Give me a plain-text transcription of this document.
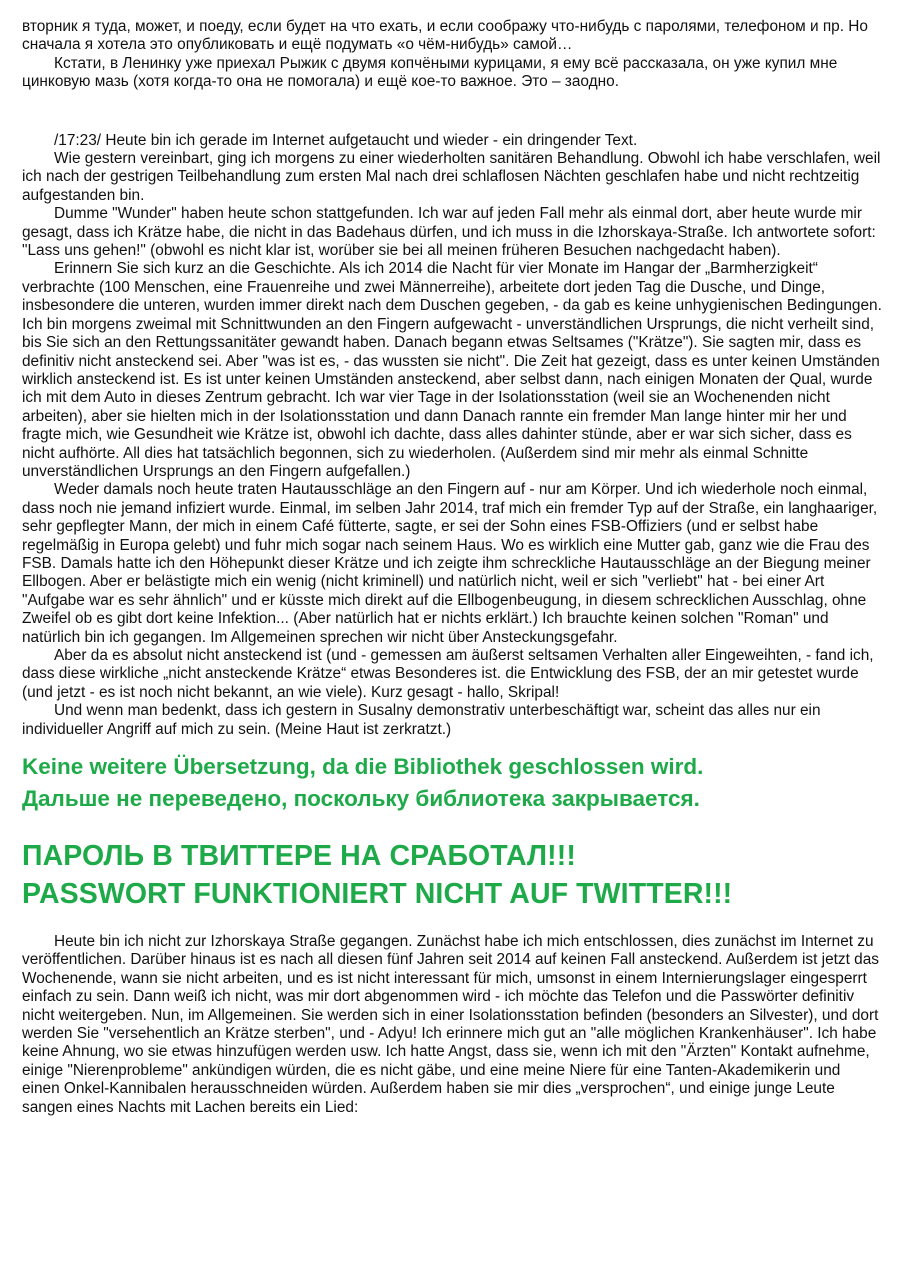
вторник я туда, может, и поеду, если будет на что ехать, и если соображу что-нибудь с паролями, телефоном и пр. Но сначала я хотела это опубликовать и ещё подумать «о чём-нибудь» самой…

Кстати, в Ленинку уже приехал Рыжик с двумя копчёными курицами, я ему всё рассказала, он уже купил мне цинковую мазь (хотя когда-то она не помогала) и ещё кое-то важное. Это – заодно.

/17:23/ Heute bin ich gerade im Internet aufgetaucht und wieder - ein dringender Text.

Wie gestern vereinbart, ging ich morgens zu einer wiederholten sanitären Behandlung. Obwohl ich habe verschlafen, weil ich nach der gestrigen Teilbehandlung zum ersten Mal nach drei schlaflosen Nächten geschlafen habe und nicht rechtzeitig aufgestanden bin.

Dumme "Wunder" haben heute schon stattgefunden. Ich war auf jeden Fall mehr als einmal dort, aber heute wurde mir gesagt, dass ich Krätze habe, die nicht in das Badehaus dürfen, und ich muss in die Izhorskaya-Straße. Ich antwortete sofort: "Lass uns gehen!" (obwohl es nicht klar ist, worüber sie bei all meinen früheren Besuchen nachgedacht haben).

Erinnern Sie sich kurz an die Geschichte. Als ich 2014 die Nacht für vier Monate im Hangar der „Barmherzigkeit“ verbrachte (100 Menschen, eine Frauenreihe und zwei Männerreihe), arbeitete dort jeden Tag die Dusche, und Dinge, insbesondere die unteren, wurden immer direkt nach dem Duschen gegeben, - da gab es keine unhygienischen Bedingungen. Ich bin morgens zweimal mit Schnittwunden an den Fingern aufgewacht - unverständlichen Ursprungs, die nicht verheilt sind, bis Sie sich an den Rettungssanitäter gewandt haben. Danach begann etwas Seltsames ("Krätze"). Sie sagten mir, dass es definitiv nicht ansteckend sei. Aber "was ist es, - das wussten sie nicht". Die Zeit hat gezeigt, dass es unter keinen Umständen wirklich ansteckend ist. Es ist unter keinen Umständen ansteckend, aber selbst dann, nach einigen Monaten der Qual, wurde ich mit dem Auto in dieses Zentrum gebracht. Ich war vier Tage in der Isolationsstation (weil sie an Wochenenden nicht arbeiten), aber sie hielten mich in der Isolationsstation und dann Danach rannte ein fremder Man lange hinter mir her und fragte mich, wie Gesundheit wie Krätze ist, obwohl ich dachte, dass alles dahinter stünde, aber er war sich sicher, dass es nicht aufhörte. All dies hat tatsächlich begonnen, sich zu wiederholen. (Außerdem sind mir mehr als einmal Schnitte unverständlichen Ursprungs an den Fingern aufgefallen.)

Weder damals noch heute traten Hautausschläge an den Fingern auf - nur am Körper. Und ich wiederhole noch einmal, dass noch nie jemand infiziert wurde. Einmal, im selben Jahr 2014, traf mich ein fremder Typ auf der Straße, ein langhaariger, sehr gepflegter Mann, der mich in einem Café fütterte, sagte, er sei der Sohn eines FSB-Offiziers (und er selbst habe regelmäßig in Europa gelebt) und fuhr mich sogar nach seinem Haus. Wo es wirklich eine Mutter gab, ganz wie die Frau des FSB. Damals hatte ich den Höhepunkt dieser Krätze und ich zeigte ihm schreckliche Hautausschläge an der Biegung meiner Ellbogen. Aber er belästigte mich ein wenig (nicht kriminell) und natürlich nicht, weil er sich "verliebt" hat - bei einer Art "Aufgabe war es sehr ähnlich" und er küsste mich direkt auf die Ellbogenbeugung, in diesem schrecklichen Ausschlag, ohne Zweifel ob es gibt dort keine Infektion... (Aber natürlich hat er nichts erklärt.) Ich brauchte keinen solchen "Roman" und natürlich bin ich gegangen. Im Allgemeinen sprechen wir nicht über Ansteckungsgefahr.

Aber da es absolut nicht ansteckend ist (und - gemessen am äußerst seltsamen Verhalten aller Eingeweihten, - fand ich, dass diese wirkliche „nicht ansteckende Krätze“ etwas Besonderes ist. die Entwicklung des FSB, der an mir getestet wurde (und jetzt - es ist noch nicht bekannt, an wie viele). Kurz gesagt - hallo, Skripal!

Und wenn man bedenkt, dass ich gestern in Susalny demonstrativ unterbeschäftigt war, scheint das alles nur ein individueller Angriff auf mich zu sein. (Meine Haut ist zerkratzt.)

Keine weitere Übersetzung, da die Bibliothek geschlossen wird.

Дальше не переведено, поскольку библиотека закрывается.

ПАРОЛЬ В ТВИТТЕРЕ НА СРАБОТАЛ!!!

PASSWORT FUNKTIONIERT NICHT AUF TWITTER!!!

Heute bin ich nicht zur Izhorskaya Straße gegangen. Zunächst habe ich mich entschlossen, dies zunächst im Internet zu veröffentlichen. Darüber hinaus ist es nach all diesen fünf Jahren seit 2014 auf keinen Fall ansteckend. Außerdem ist jetzt das Wochenende, wann sie nicht arbeiten, und es ist nicht interessant für mich, umsonst in einem Internierungslager eingesperrt einfach zu sein. Dann weiß ich nicht, was mir dort abgenommen wird - ich möchte das Telefon und die Passwörter definitiv nicht weitergeben. Nun, im Allgemeinen. Sie werden sich in einer Isolationsstation befinden (besonders an Silvester), und dort werden Sie "versehentlich an Krätze sterben", und - Adyu! Ich erinnere mich gut an "alle möglichen Krankenhäuser". Ich habe keine Ahnung, wo sie etwas hinzufügen werden usw. Ich hatte Angst, dass sie, wenn ich mit den "Ärzten" Kontakt aufnehme, einige "Nierenprobleme" ankündigen würden, die es nicht gäbe, und eine meine Niere für eine Tanten-Akademikerin und einen Onkel-Kannibalen herausschneiden würden. Außerdem haben sie mir dies „versprochen“, und einige junge Leute sangen eines Nachts mit Lachen bereits ein Lied:
